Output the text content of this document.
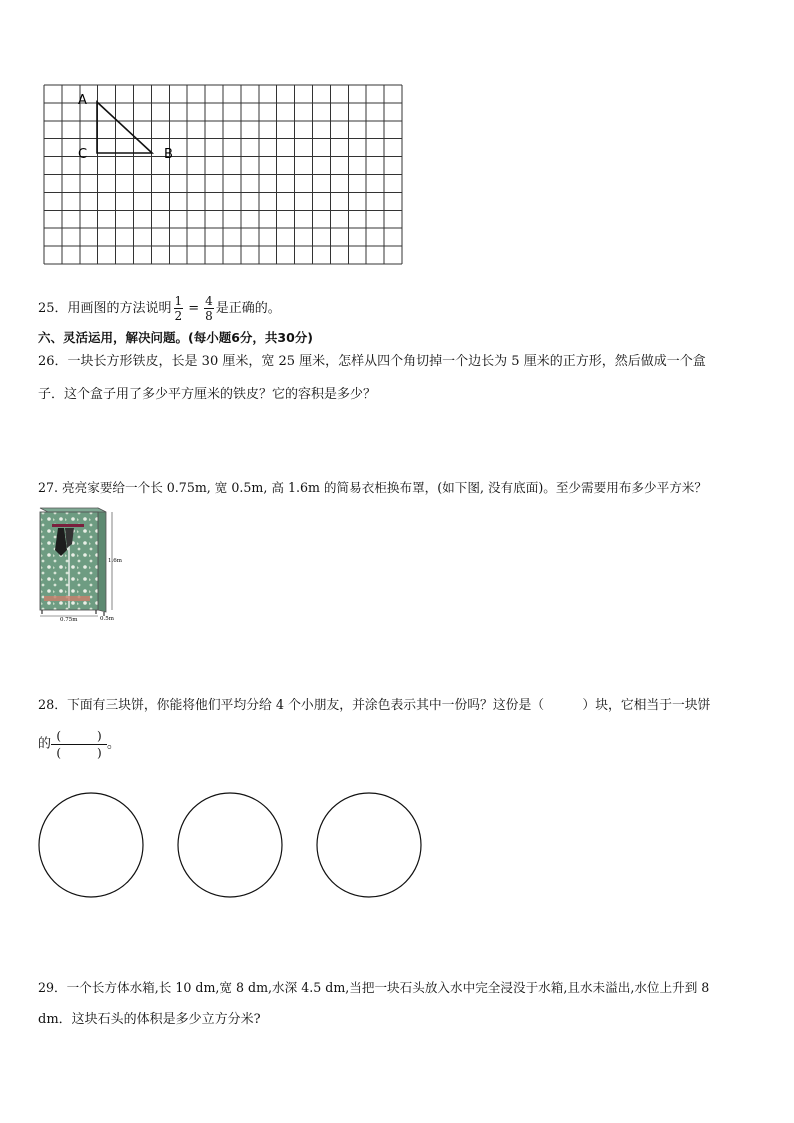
A
C	B
25．用画图的方法说明 $\frac{1}{2} = \frac{4}{8}$ 是正确的。
六、灵活运用，解决问题。(每小题6分，共30分)
26．一块长方形铁皮，长是 30 厘米，宽 25 厘米，怎样从四个角切掉一个边长为 5 厘米的正方形，然后做成一个盒
子．这个盒子用了多少平方厘米的铁皮？它的容积是多少？
27. 亮亮家要给一个长 0.75m, 宽 0.5m, 高 1.6m 的简易衣柜换布罩，(如下图, 没有底面)。至少需要用布多少平方米？
1.6m
0.75m	0.5m
28．下面有三块饼，你能将他们平均分给 4 个小朋友，并涂色表示其中一份吗？这份是（　　　）块，它相当于一块饼
的 $\frac{( )}{( )}$ 。
29．一个长方体水箱,长 10 dm,宽 8 dm,水深 4.5 dm,当把一块石头放入水中完全浸没于水箱,且水未溢出,水位上升到 8
dm．这块石头的体积是多少立方分米?
